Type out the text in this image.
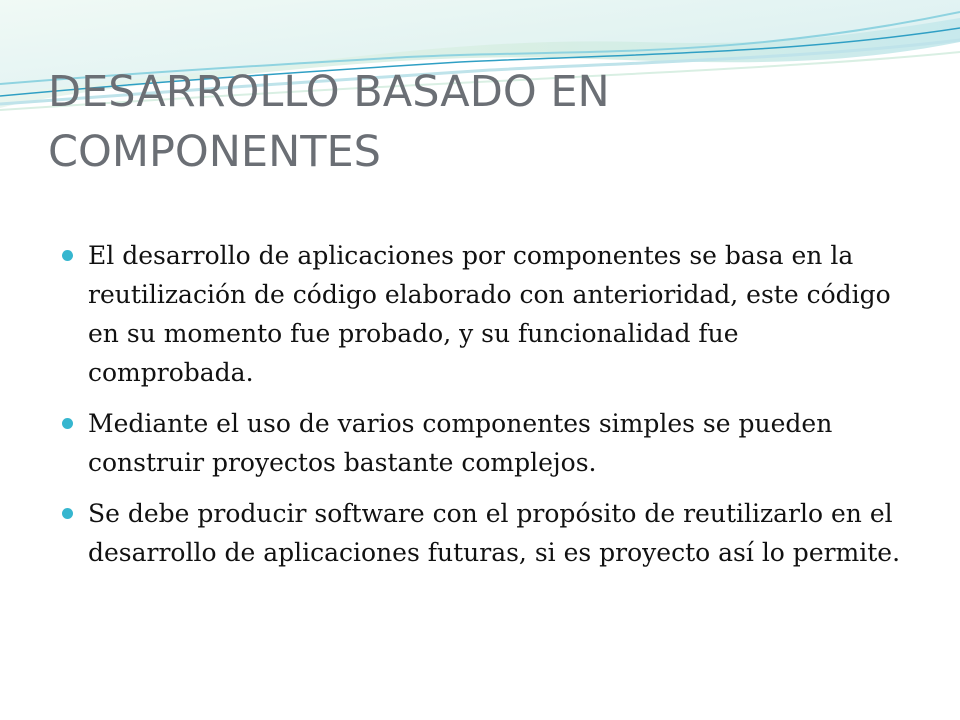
DESARROLLO BASADO EN COMPONENTES
El desarrollo de aplicaciones por componentes se basa en la reutilización de código elaborado con anterioridad, este código en su momento fue probado, y su funcionalidad fue comprobada.
Mediante el uso de varios componentes simples se pueden construir proyectos bastante complejos.
Se debe producir software con el propósito de reutilizarlo en el desarrollo de aplicaciones futuras, si es proyecto así lo permite.
